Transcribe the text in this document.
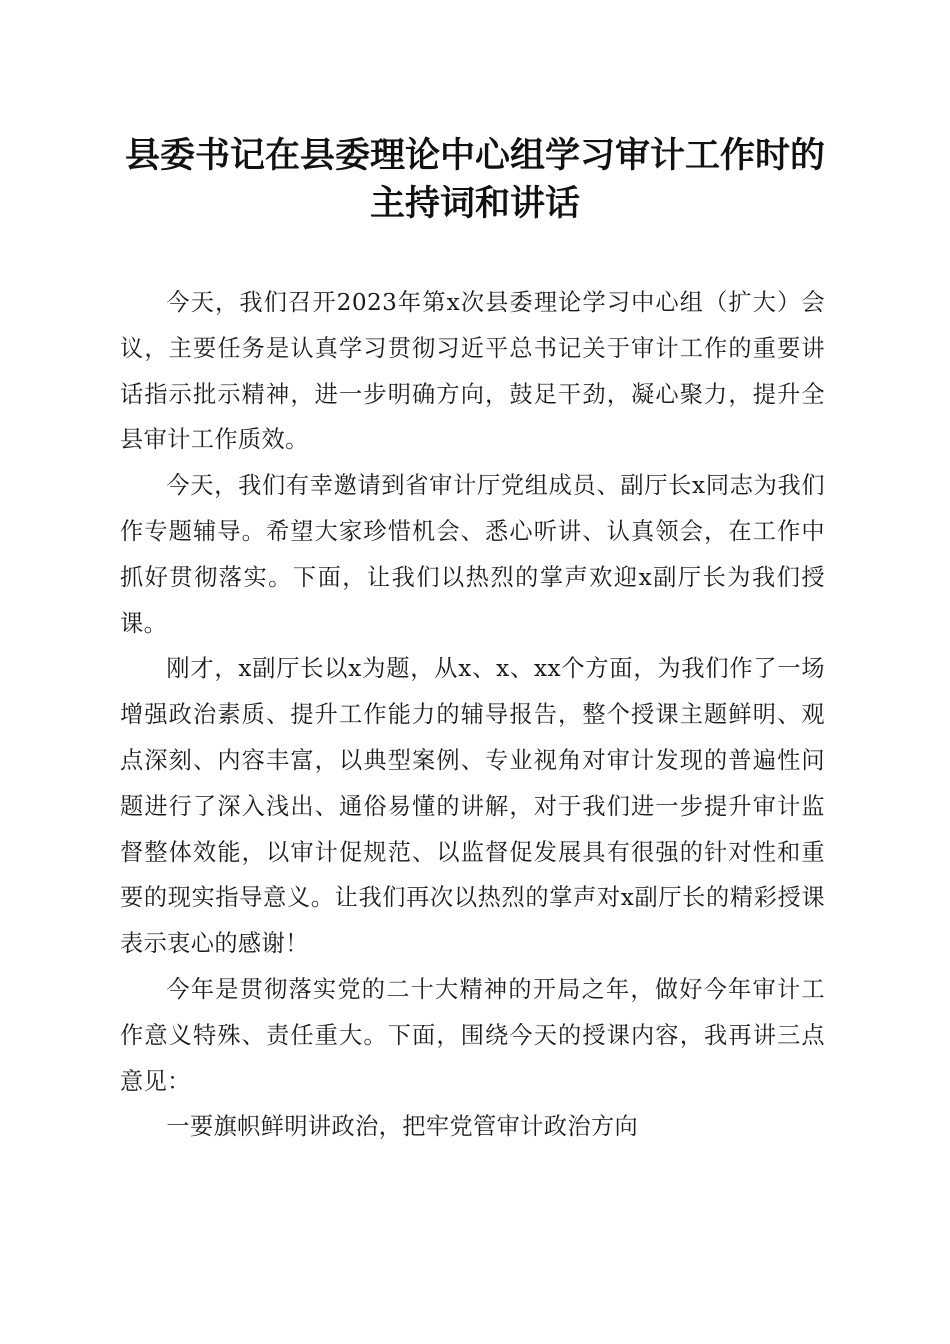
县委书记在县委理论中心组学习审计工作时的
主持词和讲话

今天，我们召开2023年第x次县委理论学习中心组（扩大）会议，主要任务是认真学习贯彻习近平总书记关于审计工作的重要讲话指示批示精神，进一步明确方向，鼓足干劲，凝心聚力，提升全县审计工作质效。

今天，我们有幸邀请到省审计厅党组成员、副厅长x同志为我们作专题辅导。希望大家珍惜机会、悉心听讲、认真领会，在工作中抓好贯彻落实。下面，让我们以热烈的掌声欢迎x副厅长为我们授课。

刚才，x副厅长以x为题，从x、x、xx个方面，为我们作了一场增强政治素质、提升工作能力的辅导报告，整个授课主题鲜明、观点深刻、内容丰富，以典型案例、专业视角对审计发现的普遍性问题进行了深入浅出、通俗易懂的讲解，对于我们进一步提升审计监督整体效能，以审计促规范、以监督促发展具有很强的针对性和重要的现实指导意义。让我们再次以热烈的掌声对x副厅长的精彩授课表示衷心的感谢！

今年是贯彻落实党的二十大精神的开局之年，做好今年审计工作意义特殊、责任重大。下面，围绕今天的授课内容，我再讲三点意见：

一要旗帜鲜明讲政治，把牢党管审计政治方向
